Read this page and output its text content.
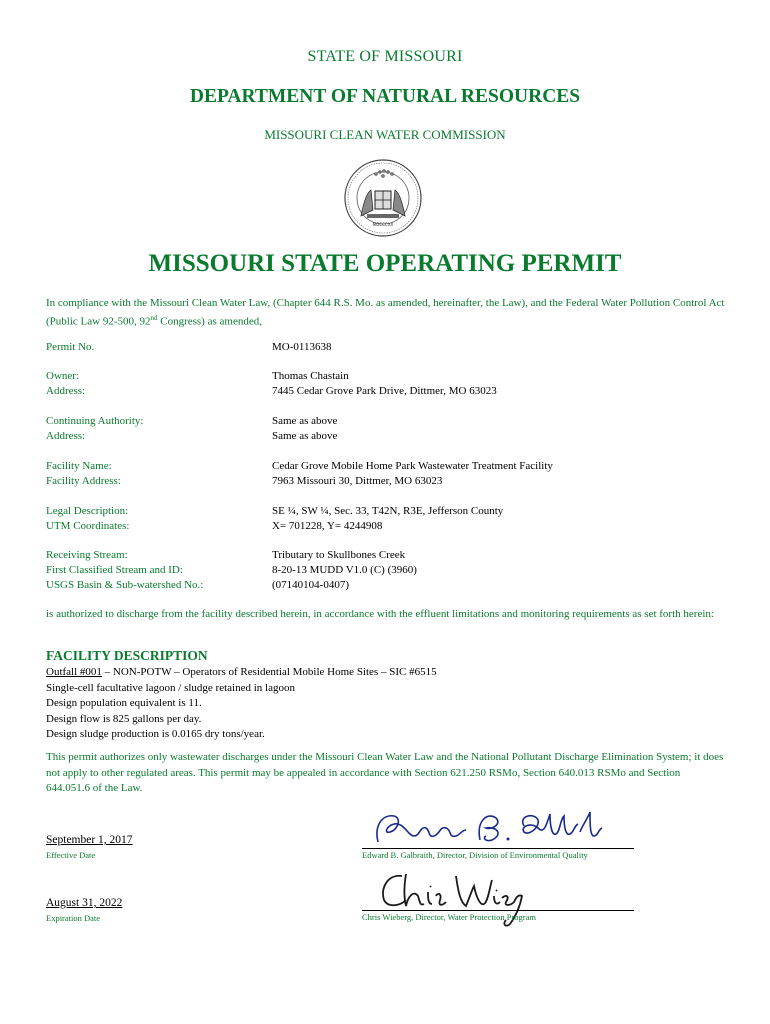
STATE OF MISSOURI
DEPARTMENT OF NATURAL RESOURCES
MISSOURI CLEAN WATER COMMISSION
MDCCCXX
MISSOURI STATE OPERATING PERMIT
In compliance with the Missouri Clean Water Law, (Chapter 644 R.S. Mo. as amended, hereinafter, the Law), and the Federal Water Pollution Control Act (Public Law 92-500, 92nd Congress) as amended,
Permit No.	MO-0113638
Owner:	Thomas Chastain
Address:	7445 Cedar Grove Park Drive, Dittmer, MO 63023
Continuing Authority:	Same as above
Address:	Same as above
Facility Name:	Cedar Grove Mobile Home Park Wastewater Treatment Facility
Facility Address:	7963 Missouri 30, Dittmer, MO 63023
Legal Description:	SE ¼, SW ¼, Sec. 33, T42N, R3E, Jefferson County
UTM Coordinates:	X= 701228, Y= 4244908
Receiving Stream:	Tributary to Skullbones Creek
First Classified Stream and ID:	8-20-13 MUDD V1.0 (C) (3960)
USGS Basin & Sub-watershed No.:	(07140104-0407)
is authorized to discharge from the facility described herein, in accordance with the effluent limitations and monitoring requirements as set forth herein:
FACILITY DESCRIPTION
Outfall #001 – NON-POTW – Operators of Residential Mobile Home Sites – SIC #6515
Single-cell facultative lagoon / sludge retained in lagoon
Design population equivalent is 11.
Design flow is 825 gallons per day.
Design sludge production is 0.0165 dry tons/year.
This permit authorizes only wastewater discharges under the Missouri Clean Water Law and the National Pollutant Discharge Elimination System; it does not apply to other regulated areas. This permit may be appealed in accordance with Section 621.250 RSMo, Section 640.013 RSMo and Section 644.051.6 of the Law.
September 1, 2017
Effective Date	Edward B. Galbraith, Director, Division of Environmental Quality
August 31, 2022
Expiration Date	Chris Wieberg, Director, Water Protection Program
